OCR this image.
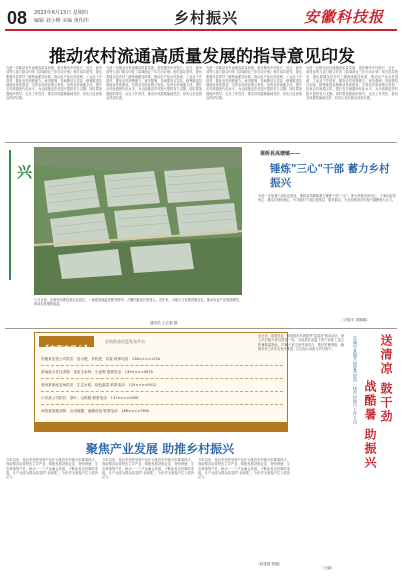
08 2023年6月15日 星期四
编辑 刘小峰 美编 黄伟伟	乡村振兴	安徽科技报
推动农村流通高质量发展的指导意见印发
为进一步推动农村流通高质量发展，更好服务乡村振兴，近日，商务部等九部门联合印发《县域商业三年行动计划》相关指导意见，提出要健全县乡村三级物流配送体系，推动农产品出村进城、工业品下乡进村，激发农村消费潜力。意见强调，各地要结合实际，统筹推进县域商业体系建设，完善农村商业网点布局，培育农村流通主体，提升农村流通现代化水平，为全面推进乡村振兴提供有力支撑。同时要加强组织领导，压实工作责任，推动各项措施落地见效，切实让农民群众得到实惠。
为进一步推动农村流通高质量发展，更好服务乡村振兴，近日，商务部等九部门联合印发《县域商业三年行动计划》相关指导意见，提出要健全县乡村三级物流配送体系，推动农产品出村进城、工业品下乡进村，激发农村消费潜力。意见强调，各地要结合实际，统筹推进县域商业体系建设，完善农村商业网点布局，培育农村流通主体，提升农村流通现代化水平，为全面推进乡村振兴提供有力支撑。同时要加强组织领导，压实工作责任，推动各项措施落地见效，切实让农民群众得到实惠。
为进一步推动农村流通高质量发展，更好服务乡村振兴，近日，商务部等九部门联合印发《县域商业三年行动计划》相关指导意见，提出要健全县乡村三级物流配送体系，推动农产品出村进城、工业品下乡进村，激发农村消费潜力。意见强调，各地要结合实际，统筹推进县域商业体系建设，完善农村商业网点布局，培育农村流通主体，提升农村流通现代化水平，为全面推进乡村振兴提供有力支撑。同时要加强组织领导，压实工作责任，推动各项措施落地见效，切实让农民群众得到实惠。
为进一步推动农村流通高质量发展，更好服务乡村振兴，近日，商务部等九部门联合印发《县域商业三年行动计划》相关指导意见，提出要健全县乡村三级物流配送体系，推动农产品出村进城、工业品下乡进村，激发农村消费潜力。意见强调，各地要结合实际，统筹推进县域商业体系建设，完善农村商业网点布局，培育农村流通主体，提升农村流通现代化水平，为全面推进乡村振兴提供有力支撑。同时要加强组织领导，压实工作责任，推动各项措施落地见效，切实让农民群众得到实惠。
兴
六月日前，在宿州市萧县某农业园区，一座座智能温室整齐排列，大棚内蔬菜长势喜人。近年来，当地大力发展设施农业，推动农业产业提质增效，带动农民增收致富。
通讯员 王志强 摄
课桥县高塘镇——
锤炼"三心"干部 蓄力乡村振兴
为进一步加强干部队伍建设，课桥县高塘镇着力锤炼干部"三心"，即为民服务的初心、干事创业的恒心、廉洁自律的戒心，引导镇村干部扎根基层、服务群众，为全面推进乡村振兴凝聚强大合力。
（卢振宇 刘娜娜）
【农资交易台】
农资供求信息发布平台
安徽某农资公司供应：复合肥、有机肥、尿素 联系电话：138××××1234
淮南某合作社求购：优质玉米种、小麦种 联系电话：139××××5678
亳州某家庭农场供应：生态水稻、绿色蔬菜 联系电话：135××××9012
六安某公司供应：茶叶、山核桃 联系电话：137××××3456
阜阳某基地求购：农用地膜、滴灌设备 联系电话：186××××7890
本版刊登农资供求信息请与本报联系 联系电话：0551-84××××
聚焦产业发展 助推乡村振兴
今年以来，某县坚持把发展产业作为推进乡村振兴的重要抓手，因地制宜培育特色主导产业，积极发展设施农业、特色种植、生态养殖等产业，推动一二三产业融合发展，不断拓宽农民增收渠道，让产业成为群众致富的"金钥匙"，为乡村全面振兴注入强劲动力。
今年以来，某县坚持把发展产业作为推进乡村振兴的重要抓手，因地制宜培育特色主导产业，积极发展设施农业、特色种植、生态养殖等产业，推动一二三产业融合发展，不断拓宽农民增收渠道，让产业成为群众致富的"金钥匙"，为乡村全面振兴注入强劲动力。
今年以来，某县坚持把发展产业作为推进乡村振兴的重要抓手，因地制宜培育特色主导产业，积极发展设施农业、特色种植、生态养殖等产业，推动一二三产业融合发展，不断拓宽农民增收渠道，让产业成为群众致富的"金钥匙"，为乡村全面振兴注入强劲动力。
（张建国 蔡健）
连日来，某镇党委、政府组织开展夏季"送清凉"慰问活动，深入乡村振兴项目建设一线，为奋战在高温下的干部职工送去防暑降温物品，叮嘱大家注意劳逸结合，做好防暑措施，确保各项工作安全有序推进，以实际行动助力乡村振兴。	宣城市某镇开展夏季慰问一线乡村振兴工作人员 送清凉 鼓干劲
战酷暑 助振兴
（王晓）
